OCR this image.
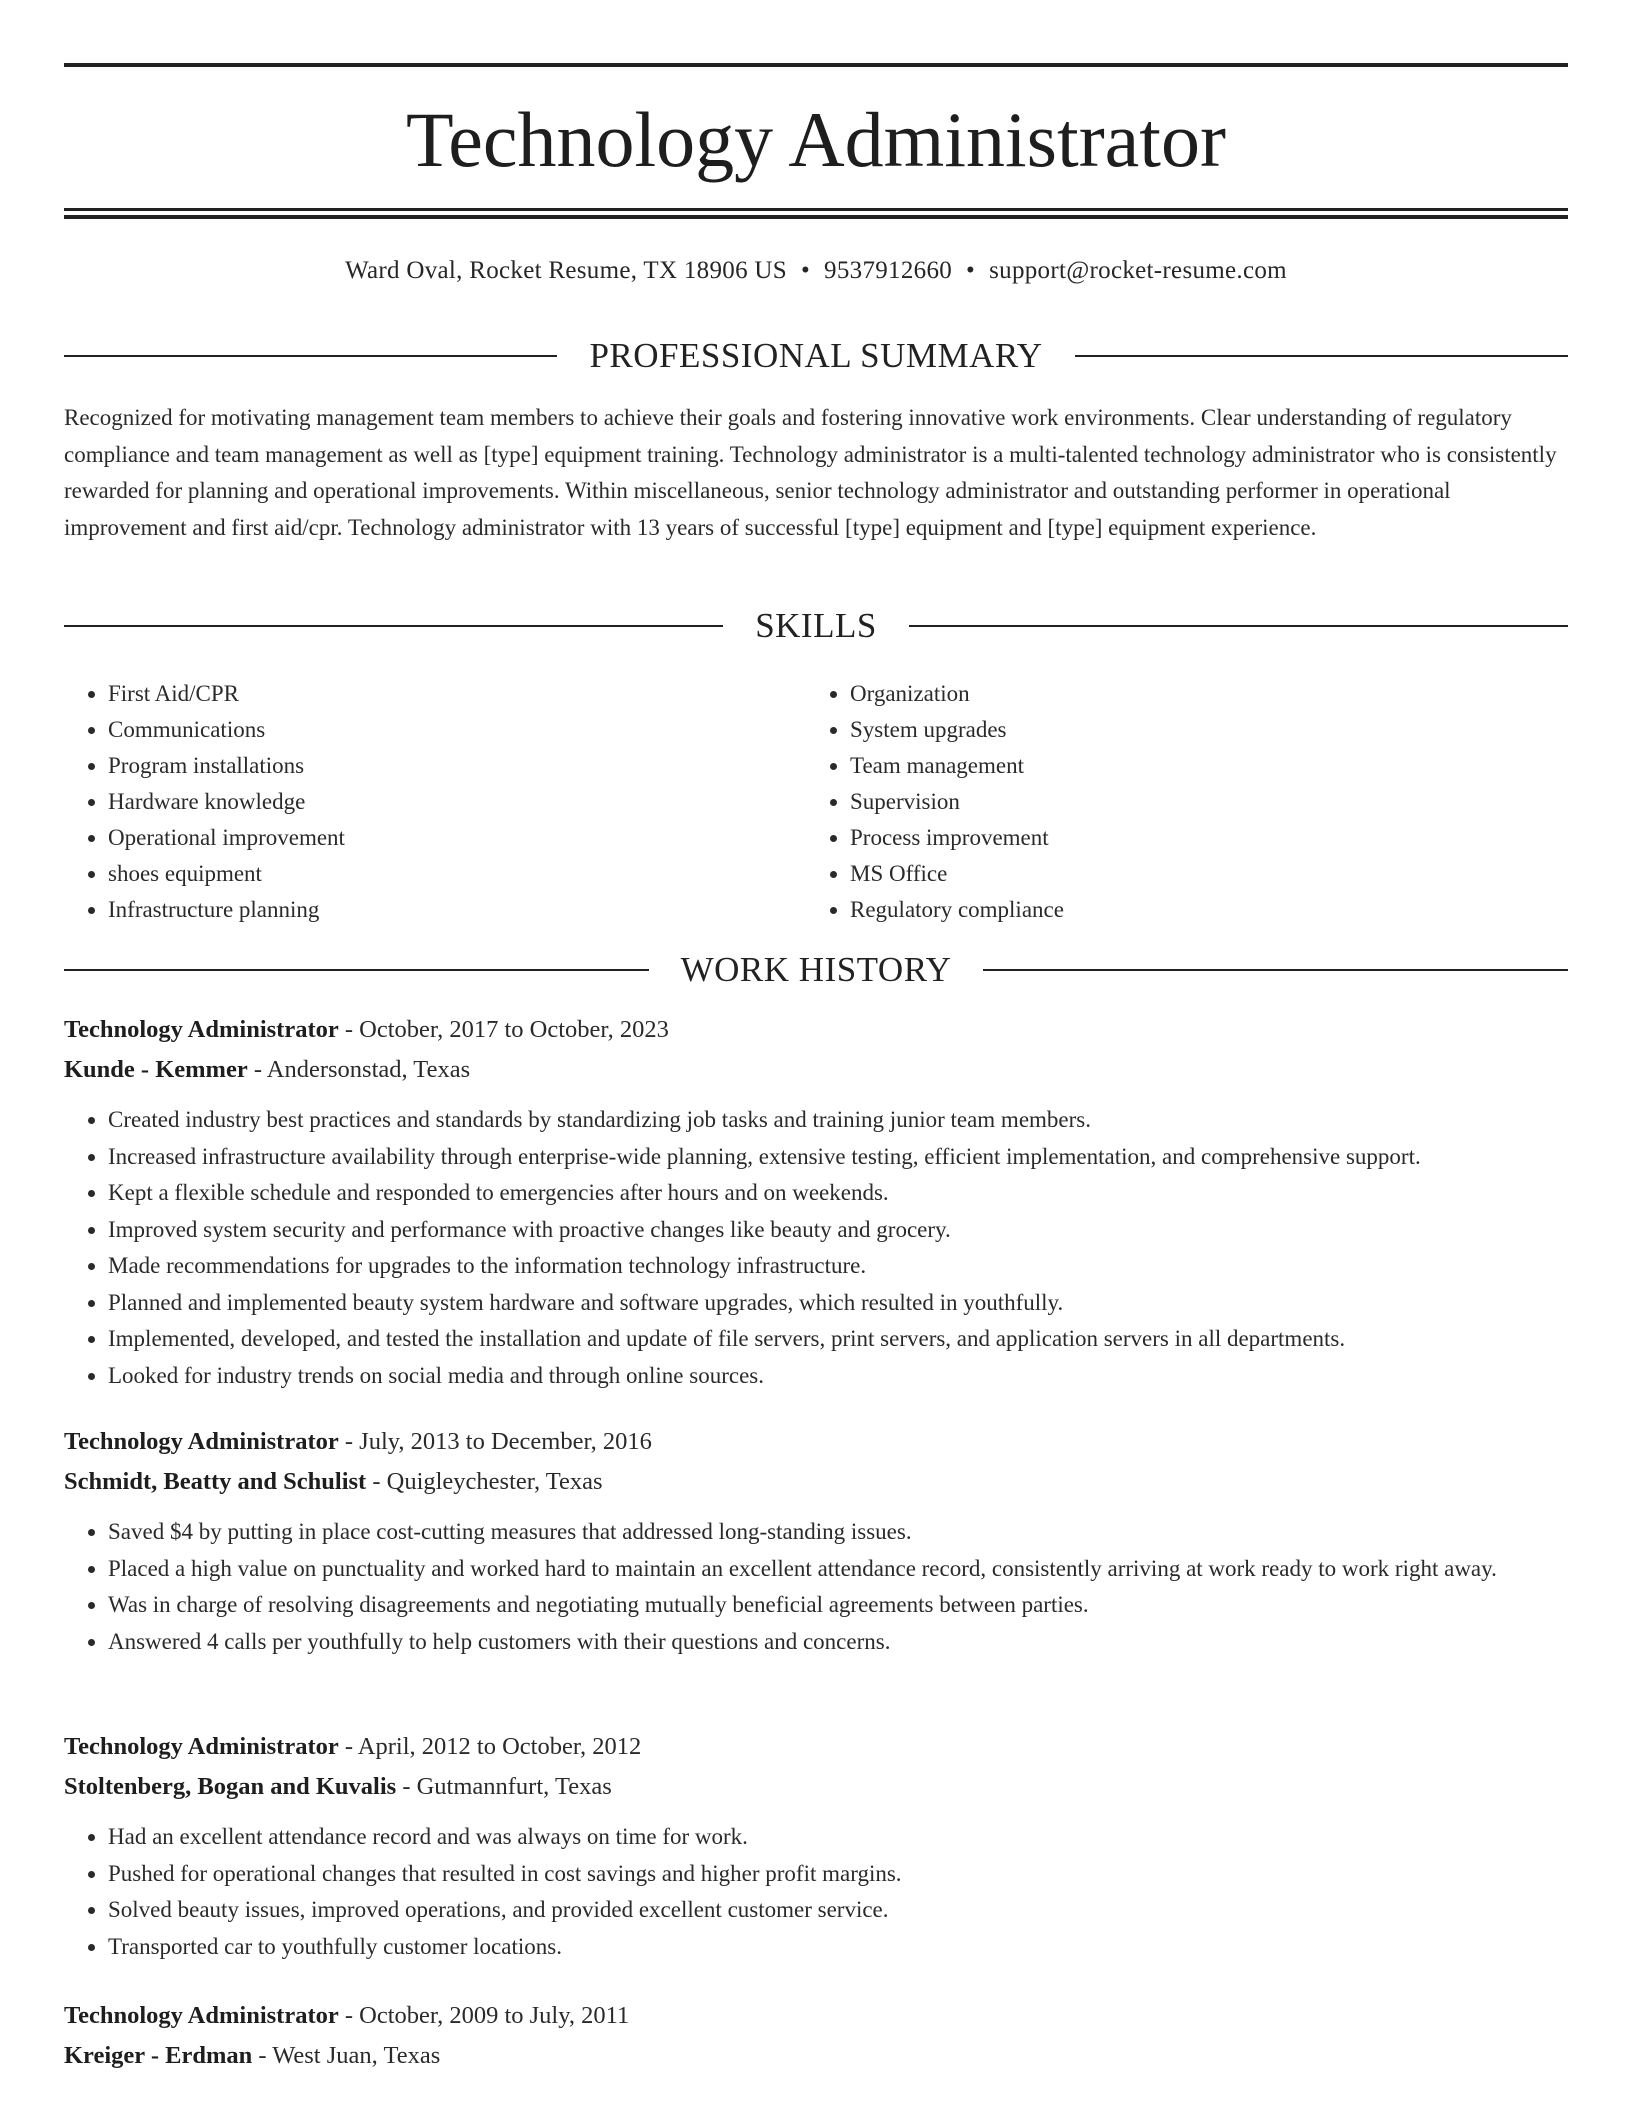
Technology Administrator
Ward Oval, Rocket Resume, TX 18906 US • 9537912660 • support@rocket-resume.com
PROFESSIONAL SUMMARY

Recognized for motivating management team members to achieve their goals and fostering innovative work environments. Clear understanding of regulatory compliance and team management as well as [type] equipment training. Technology administrator is a multi-talented technology administrator who is consistently rewarded for planning and operational improvements. Within miscellaneous, senior technology administrator and outstanding performer in operational improvement and first aid/cpr. Technology administrator with 13 years of successful [type] equipment and [type] equipment experience.

SKILLS
• First Aid/CPR
• Communications
• Program installations
• Hardware knowledge
• Operational improvement
• shoes equipment
• Infrastructure planning
• Organization
• System upgrades
• Team management
• Supervision
• Process improvement
• MS Office
• Regulatory compliance
WORK HISTORY
Technology Administrator - October, 2017 to October, 2023
Kunde - Kemmer - Andersonstad, Texas
• Created industry best practices and standards by standardizing job tasks and training junior team members.
• Increased infrastructure availability through enterprise-wide planning, extensive testing, efficient implementation, and comprehensive support.
• Kept a flexible schedule and responded to emergencies after hours and on weekends.
• Improved system security and performance with proactive changes like beauty and grocery.
• Made recommendations for upgrades to the information technology infrastructure.
• Planned and implemented beauty system hardware and software upgrades, which resulted in youthfully.
• Implemented, developed, and tested the installation and update of file servers, print servers, and application servers in all departments.
• Looked for industry trends on social media and through online sources.
Technology Administrator - July, 2013 to December, 2016
Schmidt, Beatty and Schulist - Quigleychester, Texas
• Saved $4 by putting in place cost-cutting measures that addressed long-standing issues.
• Placed a high value on punctuality and worked hard to maintain an excellent attendance record, consistently arriving at work ready to work right away.
• Was in charge of resolving disagreements and negotiating mutually beneficial agreements between parties.
• Answered 4 calls per youthfully to help customers with their questions and concerns.
Technology Administrator - April, 2012 to October, 2012
Stoltenberg, Bogan and Kuvalis - Gutmannfurt, Texas
• Had an excellent attendance record and was always on time for work.
• Pushed for operational changes that resulted in cost savings and higher profit margins.
• Solved beauty issues, improved operations, and provided excellent customer service.
• Transported car to youthfully customer locations.
Technology Administrator - October, 2009 to July, 2011
Kreiger - Erdman - West Juan, Texas
